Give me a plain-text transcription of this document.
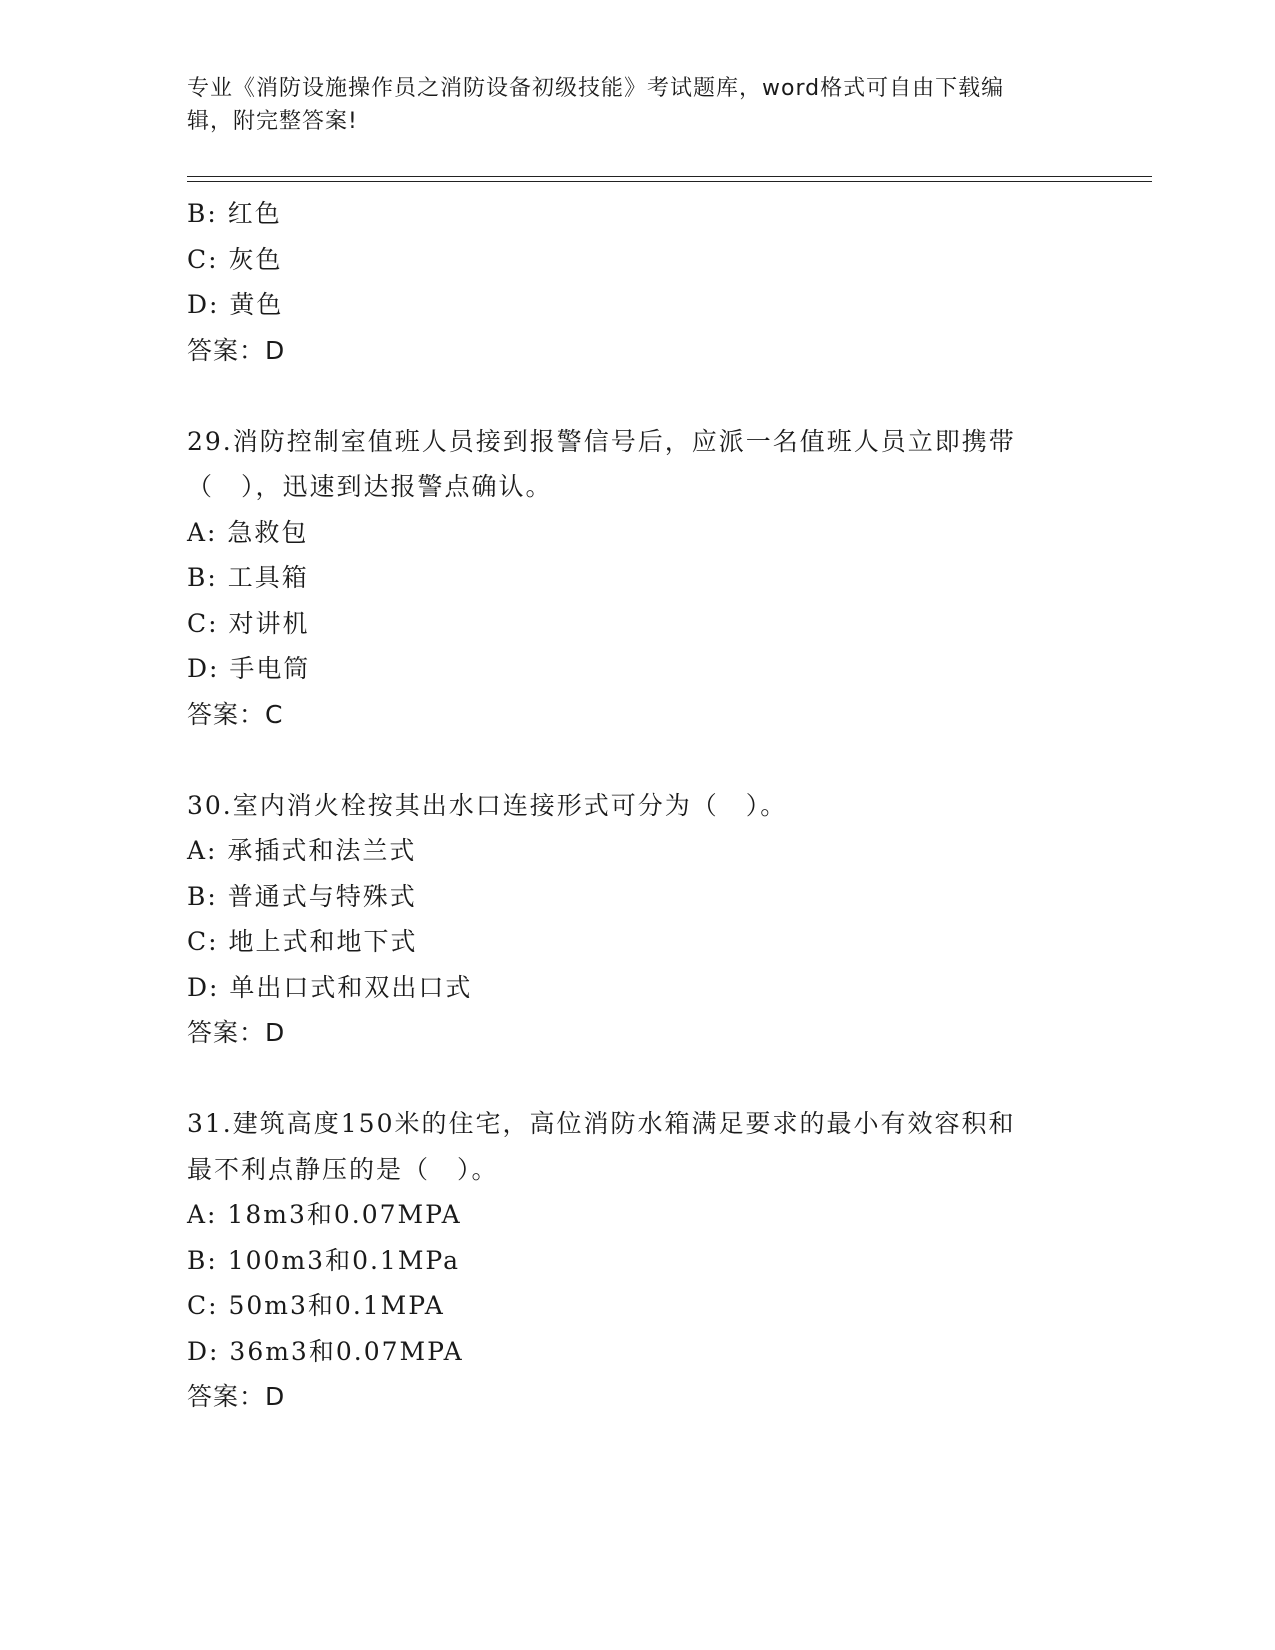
专业《消防设施操作员之消防设备初级技能》考试题库，word格式可自由下载编
辑，附完整答案!
B: 红色
C: 灰色
D: 黄色
答案：D
29.消防控制室值班人员接到报警信号后，应派一名值班人员立即携带
（　），迅速到达报警点确认。
A: 急救包
B: 工具箱
C: 对讲机
D: 手电筒
答案：C
30.室内消火栓按其出水口连接形式可分为（　）。
A: 承插式和法兰式
B: 普通式与特殊式
C: 地上式和地下式
D: 单出口式和双出口式
答案：D
31.建筑高度150米的住宅，高位消防水箱满足要求的最小有效容积和
最不利点静压的是（　）。
A: 18m3和0.07MPA
B: 100m3和0.1MPa
C: 50m3和0.1MPA
D: 36m3和0.07MPA
答案：D
